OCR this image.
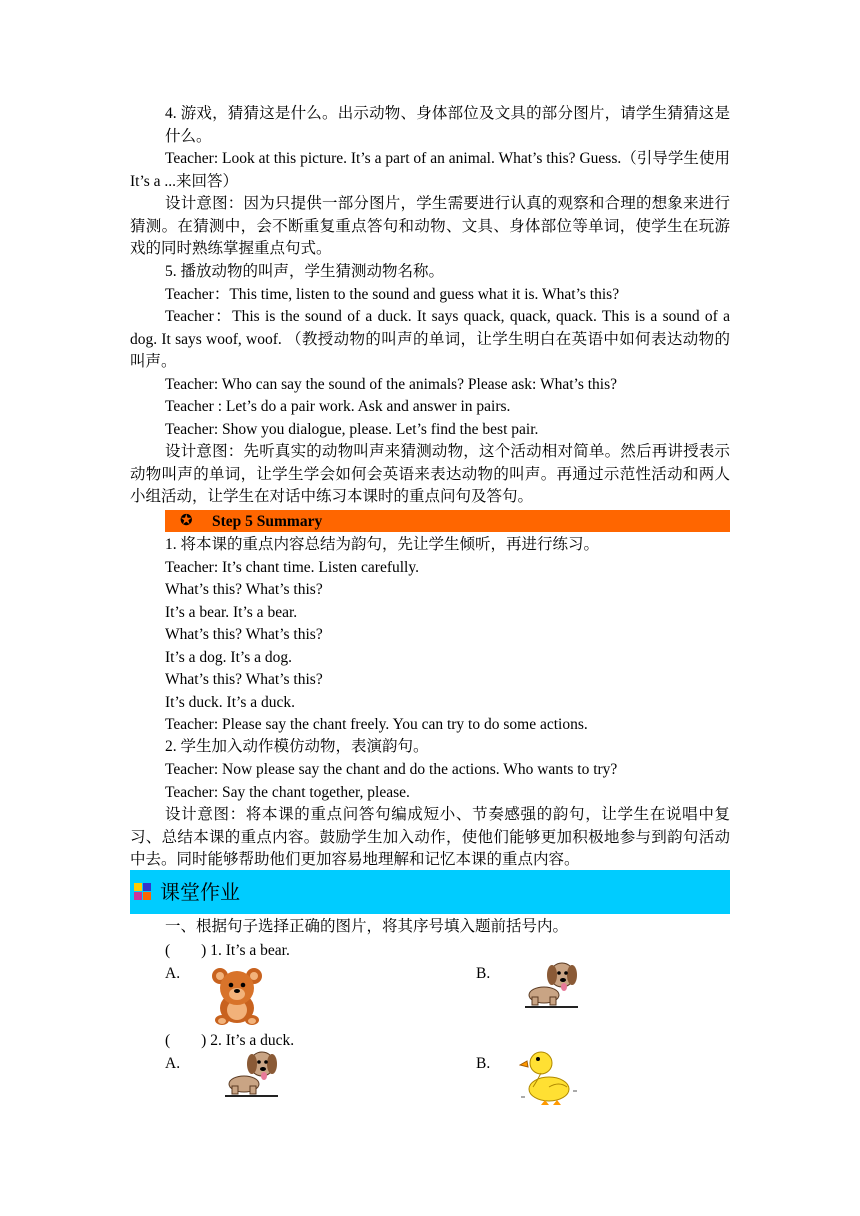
4. 游戏，猜猜这是什么。出示动物、身体部位及文具的部分图片，请学生猜猜这是什么。
Teacher: Look at this picture. It’s a part of an animal. What’s this? Guess.（引导学生使用 It’s a ...来回答）
设计意图：因为只提供一部分图片，学生需要进行认真的观察和合理的想象来进行猜测。在猜测中，会不断重复重点答句和动物、文具、身体部位等单词，使学生在玩游戏的同时熟练掌握重点句式。
5. 播放动物的叫声，学生猜测动物名称。
Teacher：This time, listen to the sound and guess what it is. What’s this?
Teacher：This is the sound of a duck. It says quack, quack, quack. This is a sound of a dog. It says woof, woof. （教授动物的叫声的单词，让学生明白在英语中如何表达动物的叫声。
Teacher: Who can say the sound of the animals? Please ask: What’s this?
Teacher : Let’s do a pair work. Ask and answer in pairs.
Teacher: Show you dialogue, please. Let’s find the best pair.
设计意图：先听真实的动物叫声来猜测动物，这个活动相对简单。然后再讲授表示动物叫声的单词，让学生学会如何会英语来表达动物的叫声。再通过示范性活动和两人小组活动，让学生在对话中练习本课时的重点问句及答句。
✪ Step 5 Summary
1. 将本课的重点内容总结为韵句，先让学生倾听，再进行练习。
Teacher: It’s chant time. Listen carefully.
What’s this? What’s this?
It’s a bear. It’s a bear.
What’s this? What’s this?
It’s a dog. It’s a dog.
What’s this? What’s this?
It’s duck. It’s a duck.
Teacher: Please say the chant freely. You can try to do some actions.
2. 学生加入动作模仿动物，表演韵句。
Teacher: Now please say the chant and do the actions. Who wants to try?
Teacher: Say the chant together, please.
设计意图：将本课的重点问答句编成短小、节奏感强的韵句，让学生在说唱中复习、总结本课的重点内容。鼓励学生加入动作，使他们能够更加积极地参与到韵句活动中去。同时能够帮助他们更加容易地理解和记忆本课的重点内容。
课堂作业
一、根据句子选择正确的图片，将其序号填入题前括号内。
(        ) 1. It’s a bear.
A.	B.
(        ) 2. It’s a duck.
A.	B.
